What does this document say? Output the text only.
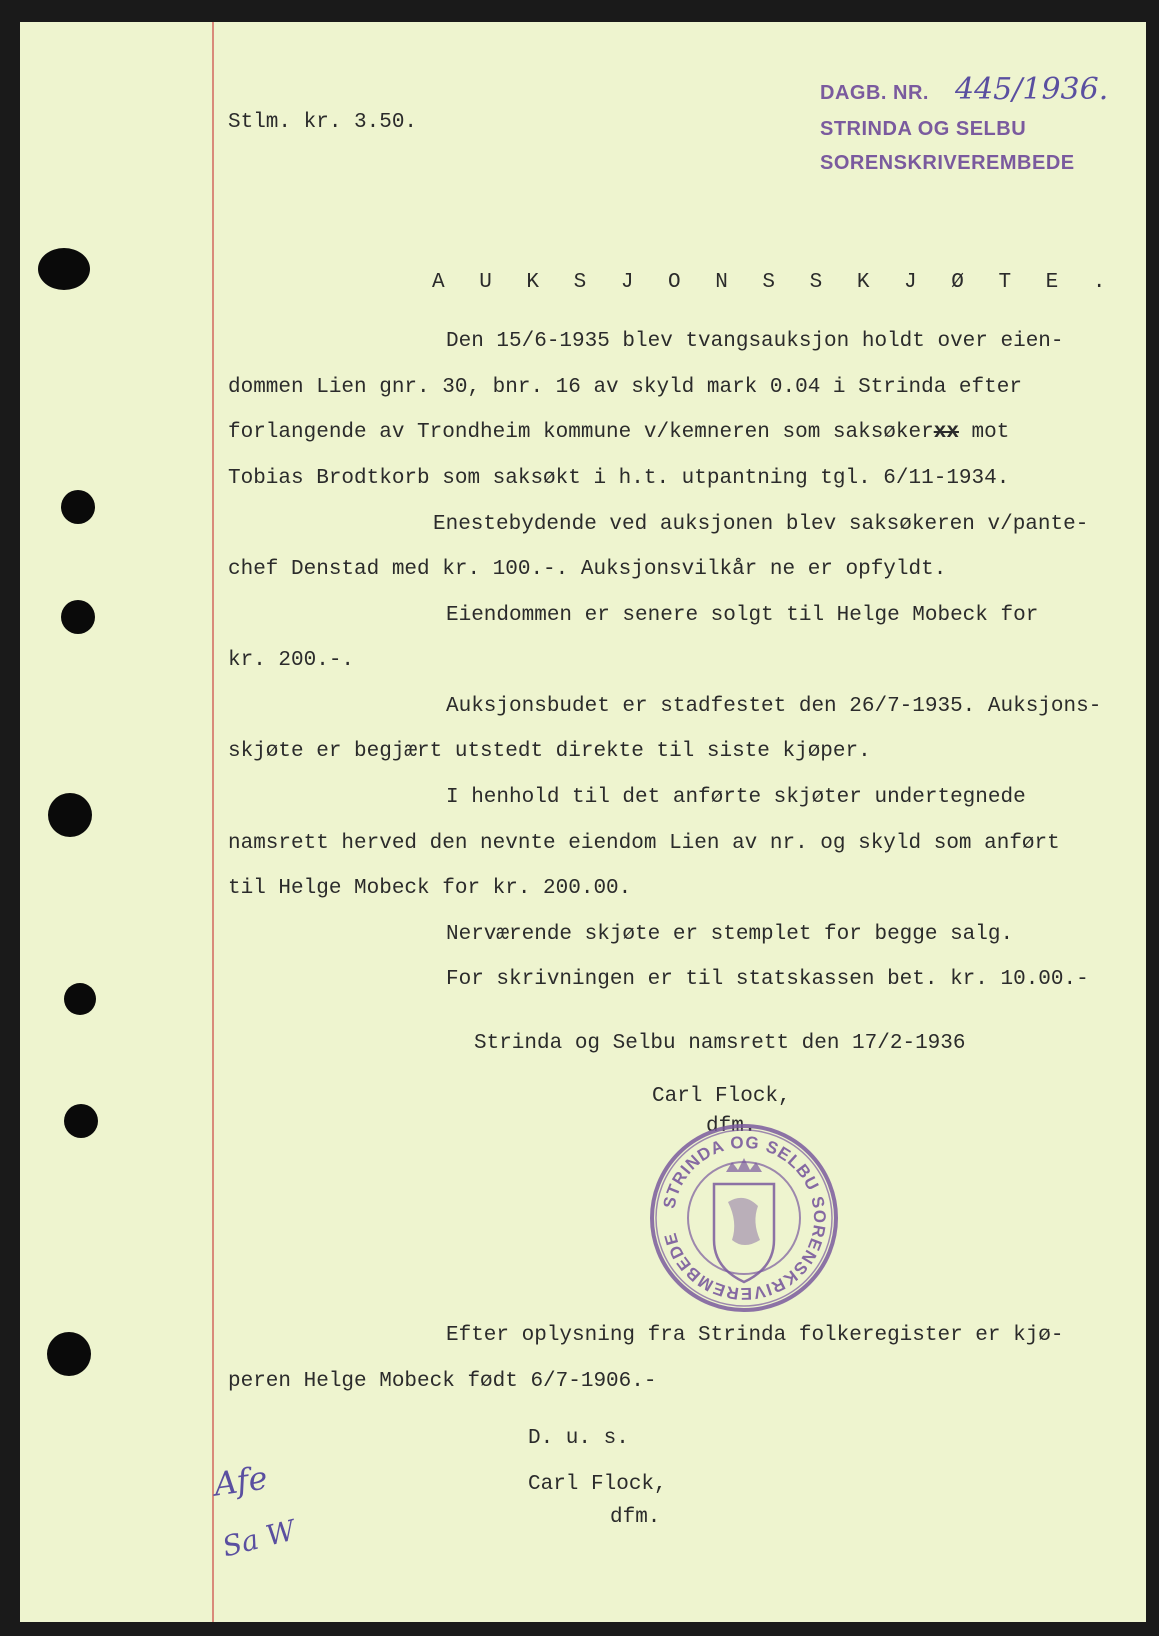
Stlm. kr. 3.50.
DAGB. NR. 445/1936.
STRINDA OG SELBU
SORENSKRIVEREMBEDE
A U K S J O N S S K J Ø T E .
Den 15/6-1935 blev tvangsauksjon holdt over eien-
dommen Lien gnr. 30, bnr. 16 av skyld mark 0.04 i Strinda efter
forlangende av Trondheim kommune v/kemneren som saksøkerxx mot
Tobias Brodtkorb som saksøkt i h.t. utpantning tgl. 6/11-1934.
Enestebydende ved auksjonen blev saksøkeren v/pante-
chef Denstad med kr. 100.-. Auksjonsvilkår ne er opfyldt.
Eiendommen er senere solgt til Helge Mobeck for
kr. 200.-.
Auksjonsbudet er stadfestet den 26/7-1935. Auksjons-
skjøte er begjært utstedt direkte til siste kjøper.
I henhold til det anførte skjøter undertegnede
namsrett herved den nevnte eiendom Lien av nr. og skyld som anført
til Helge Mobeck for kr. 200.00.
Nerværende skjøte er stemplet for begge salg.
For skrivningen er til statskassen bet. kr. 10.00.-
Strinda og Selbu namsrett den 17/2-1936
Carl Flock,
dfm.
STRINDA OG SELBU SORENSKRIVEREMBEDE
Efter oplysning fra Strinda folkeregister er kjø-
peren Helge Mobeck født 6/7-1906.-
D. u. s.
Carl Flock,
dfm.
Afe
Sa W
